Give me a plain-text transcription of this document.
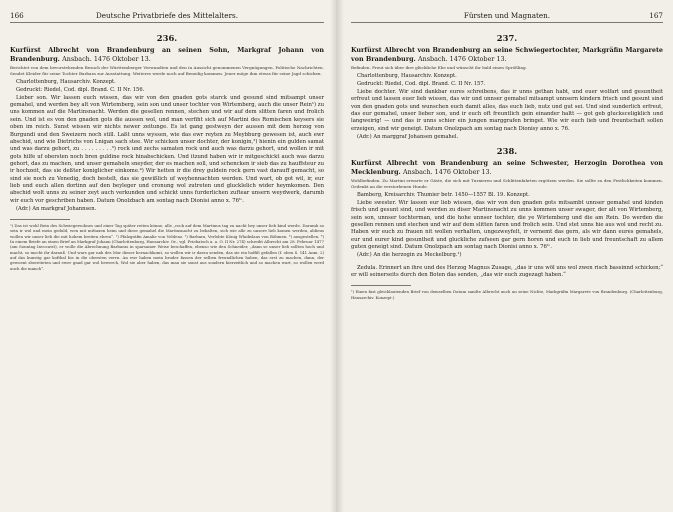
166	Deutsche Privatbriefe des Mittelalters.
236.

Kurfürst Albrecht von Brandenburg an seinen Sohn, Markgraf Johann von Brandenburg. Ansbach. 1476 Oktober 13.

Berichtet von dem bevorstehenden Besuch der Württemberger Verwandten und den in Aussicht genommenen Vergnügungen. Politische Nachrichten. Sendet Kleider für seine Tochter Barbara zur Ausstattung. Weiteres werde noch auf Benedig kommen. Jener möge ihm etwas für seine Jagd schicken.

Charlottenburg, Hausarchiv. Konzept.

Gedruckt: Riedel, Cod. dipl. Brand. C. II Nr. 156.

Lieber son. Wir lassen euch wissen, das wir von den gnaden gots starck und gesund sind mitsampt unser gemahel, und werden bey alt von Wirtemberg, sein son und unser tochter von Wirtemberg, auch die unser Rein¹) zu uns kommen auf die Martinsnacht. Werden die gesellen rennen, stechen und wir auf dem slitten faren und frolich sein. Und ist es von den gnaden gots die aussen wol, und man verfiht sich auf Martini des Romischen keysers sie oben im reich. Sunst wissen wir nichts newer zeitunge. Es ist gang gestweyn der aussen mit dem herzog von Burgundi und den Sweizern noch still. Laßt unns wyssen, wie das ewr reyten zu Meybburg gewesen ist, auch ewr abschid, und wie Dietrichs von Lnigan sach stee. Wir schicken unser dochter, der konigin,²) hienin ein gulden samat und was darzu gehort, zu . . . . . . . . .³) rock und zechs samaten rock und auch was darzu gehort, und wollen ir mit gots hilfe uf obersten noch bren guldine rock hinabschicken. Und itzund haben wir ir mitgeschickt auch was darzu gehort, das zu machen, und unser gemaheln sneyder, der es machen soll, und schencken ir sieb das zu hauffsteur zu ir hochzeit, das sie deßter koniglicher einkome.⁴) Wir hetten ir die drey guldein rock gern vast darauff gemacht, so sind sie noch zu Venedig, doch bestelt, das sie gewißlich uf weyhennachten werden. Und wart, ob got wil, ir, eur lieb und euch allen dortinn auf den beyleger und cronung wol zutreten und glucklelich wider heymkomen. Den abschid wolt unns zu seiner zeyt auch verkunden und schickt unns furderlichen zuftear unsern weydwerk, darumb wir euch vor geschriben haben. Datum Onolzbach am sontag nach Dionisi anno x. 76ᵗᵒ.

(Adr.) An markgraf Johannsen.

ᵃ) Das ist wohl Rein des Schwiegersohnes und einer Tag später reiten könne, alle „rock auf dem Martinus tag zu nacht bey unser lieb kind werde. Darumb so sein ir wol und mein geduld, wen mit mittaxen heim und diese gemahel die Martinsnacht zu behalten, sich wie alle zu unsere lieb komen werden, aldieus wollen wir unser lieb die mit hohem breiten ehren“. ¹) Pfalzgräfin Amalie von Veldenz. ²) Barbara, Verlobte König Wladislaus von Böhmen. ³) ausgestellen. ⁴) In einem Briefe an einen Brief an Markgraf Johann (Charlottenburg, Hausarchiv. Or., vgl. Priebatsch a. a. O. II Nr. 274) schreibt Albrecht am 28. Februar 1477 (am Sonntag Invocavit), er wolle die Abrechnung Barbaras in sparsamer Weise beschaffen, ebenso wie den Schneider, „dann se unser lieb sollten hoch und macht, so mocht ihr darauß. Und wars gar nah des Mor dieser hernachkomt, so wollen wir ir darzu senden, das sie ein hoffiß gefallen (f. oben S. 141 Anm. 2) auf das kunstig gar koftbal bis in die obersten verrn. An ewr haben mein bruder fassen der selben freundlichen haben, das erst zu machen, dann, der gewoent sbereiteten und ewer gnad gar wol bewerch, Wol sie aber haben, das man sie sonst aus sondern hierzeitlich und so machen wart, so wollen werd auch die manch“.

Fürsten und Magnaten.	167
237.

Kurfürst Albrecht von Brandenburg an seine Schwiegertochter, Markgräfin Margarete von Brandenburg. Ansbach. 1476 Oktober 13.

Befinden. Freut sich über ihre glückliche Ehe und wünscht ihr bald einen Sprößling.

Charlottenburg, Hausarchiv. Konzept.

Gedruckt: Riedel, Cod. dipl. Brand. C. II Nr. 157.

Liebe dochter. Wir sind dankbar eures schreibens, das ir unns gethan habt, und euer wolfart und gesuntheit erfreut und lassen euer lieb wissen, das wir und unnser gemahel mitsampt unnsern kindern frisch und gesunt sind von den gnaden gots und wunschen euch damit alles, das euch lieb, nutz und gut sei. Und sind sunderlich erfreut, das eur gemahel, unser lieber son, und ir euch oft freuntlich gein einander haltt — got geb glucksceligklich und langweirig! — und das ir unns schier ein jungen marggrafen bringet. Wie wir euch lieb und freuntschaft sollen erzeigen, sind wir geneigt. Datum Onolzpach am sontag nach Dionisy anno x. 76.

(Adr.) An marggraf Johansen gemahel.

238.

Kurfürst Albrecht von Brandenburg an seine Schwester, Herzogin Dorothea von Mecklenburg. Ansbach. 1476 Oktober 13.

Wohlbefinden. Zu Martini erwarte er Gäste, die sich mit Turnieren und Schlittenfahrten ergötzen werden. Sie sollte zu den Festlichkeiten kommen. Gedenkt an die verstorbenen Hunde.

Bamberg, Kreisarchiv. Thumier betr. 1450—1557 Bl. 19. Konzept.

Liebe swester. Wir lassen eur lieb wissen, das wir von den gnaden gots mitsambt unnser gemahel und kinden frisch und gesunt sind, und werden zu diser Martinsnacht zu unns kommen unser swager, der alt von Wirtemberg, sein son, unnser tochterman, und die hohe unnser tochter, die ye Wirtemberg und die am Rein. Do werden die gesellen rennen und stechen und wir auf dem slitten faren und frolich sein. Und stet unns hie aus wol und recht zu. Haben wir euch zu frauen nit wollen verhalten, ungezweyfelt, ir vernemt das gern, als wir dann eures gemahels, eur und eurer kind gesuntheit und gluckliche zufseen gar gern horen und euch in lieb und freuntschaft zu allem guten geneigt sind. Datum Onolzpach am sontag nach Dionisi anno x. 76ᵗᵒ.

(Adr.) An die herzogin zu Meckelburg.¹)

Zedula. Erinnert an ihre und des Herzog Magnus Zusage, „das ir uns wöl uns wol zwen risch bassinnd schicken;“ er will seinerseits durch den Boten das senden, „das wir euch zugezagt haben.“

¹) Einen fast gleichlautenden Brief von demselben Datum sandte Albrecht auch an seine Nichte, Markgräfin Margarete von Brandenburg. (Charlottenburg, Hausarchiv. Konzept.)
